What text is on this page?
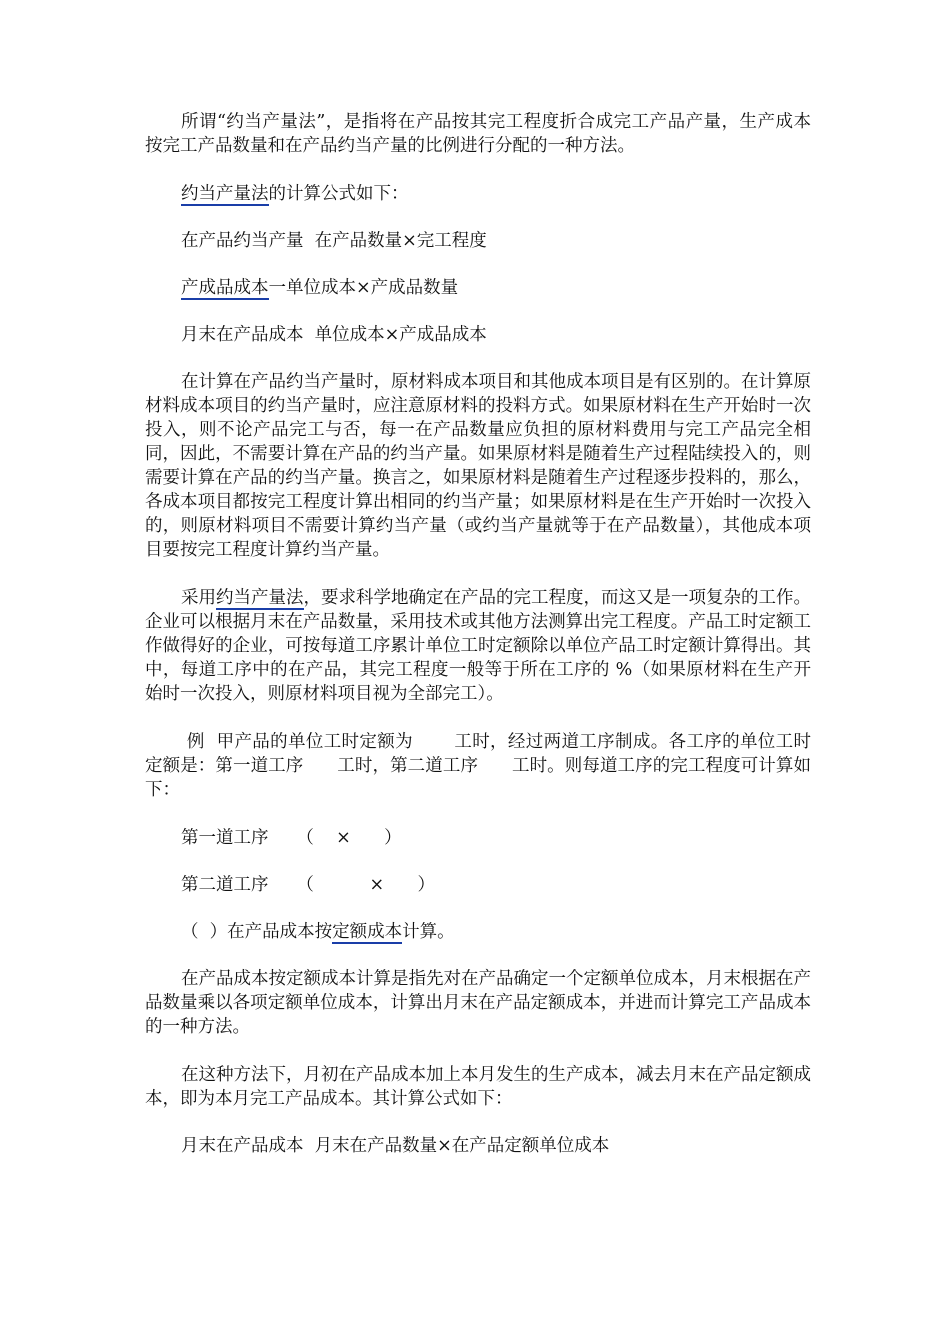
所谓“约当产量法”，是指将在产品按其完工程度折合成完工产品产量，生产成本按完工产品数量和在产品约当产量的比例进行分配的一种方法。

约当产量法的计算公式如下：

在产品约当产量  在产品数量×完工程度

产成品成本一单位成本×产成品数量

月末在产品成本  单位成本×产成品成本

在计算在产品约当产量时，原材料成本项目和其他成本项目是有区别的。在计算原材料成本项目的约当产量时，应注意原材料的投料方式。如果原材料在生产开始时一次投入，则不论产品完工与否，每一在产品数量应负担的原材料费用与完工产品完全相同，因此，不需要计算在产品的约当产量。如果原材料是随着生产过程陆续投入的，则需要计算在产品的约当产量。换言之，如果原材料是随着生产过程逐步投料的，那么，各成本项目都按完工程度计算出相同的约当产量；如果原材料是在生产开始时一次投入的，则原材料项目不需要计算约当产量（或约当产量就等于在产品数量），其他成本项目要按完工程度计算约当产量。

采用约当产量法，要求科学地确定在产品的完工程度，而这又是一项复杂的工作。企业可以根据月末在产品数量，采用技术或其他方法测算出完工程度。产品工时定额工作做得好的企业，可按每道工序累计单位工时定额除以单位产品工时定额计算得出。其中，每道工序中的在产品，其完工程度一般等于所在工序的 %（如果原材料在生产开始时一次投入，则原材料项目视为全部完工）。

例  甲产品的单位工时定额为       工时，经过两道工序制成。各工序的单位工时定额是：第一道工序      工时，第二道工序      工时。则每道工序的完工程度可计算如下：

第一道工序     （    ×      ）

第二道工序     （          ×      ）

（  ）在产品成本按定额成本计算。

在产品成本按定额成本计算是指先对在产品确定一个定额单位成本，月末根据在产品数量乘以各项定额单位成本，计算出月末在产品定额成本，并进而计算完工产品成本的一种方法。

在这种方法下，月初在产品成本加上本月发生的生产成本，减去月末在产品定额成本，即为本月完工产品成本。其计算公式如下：

月末在产品成本  月末在产品数量×在产品定额单位成本
